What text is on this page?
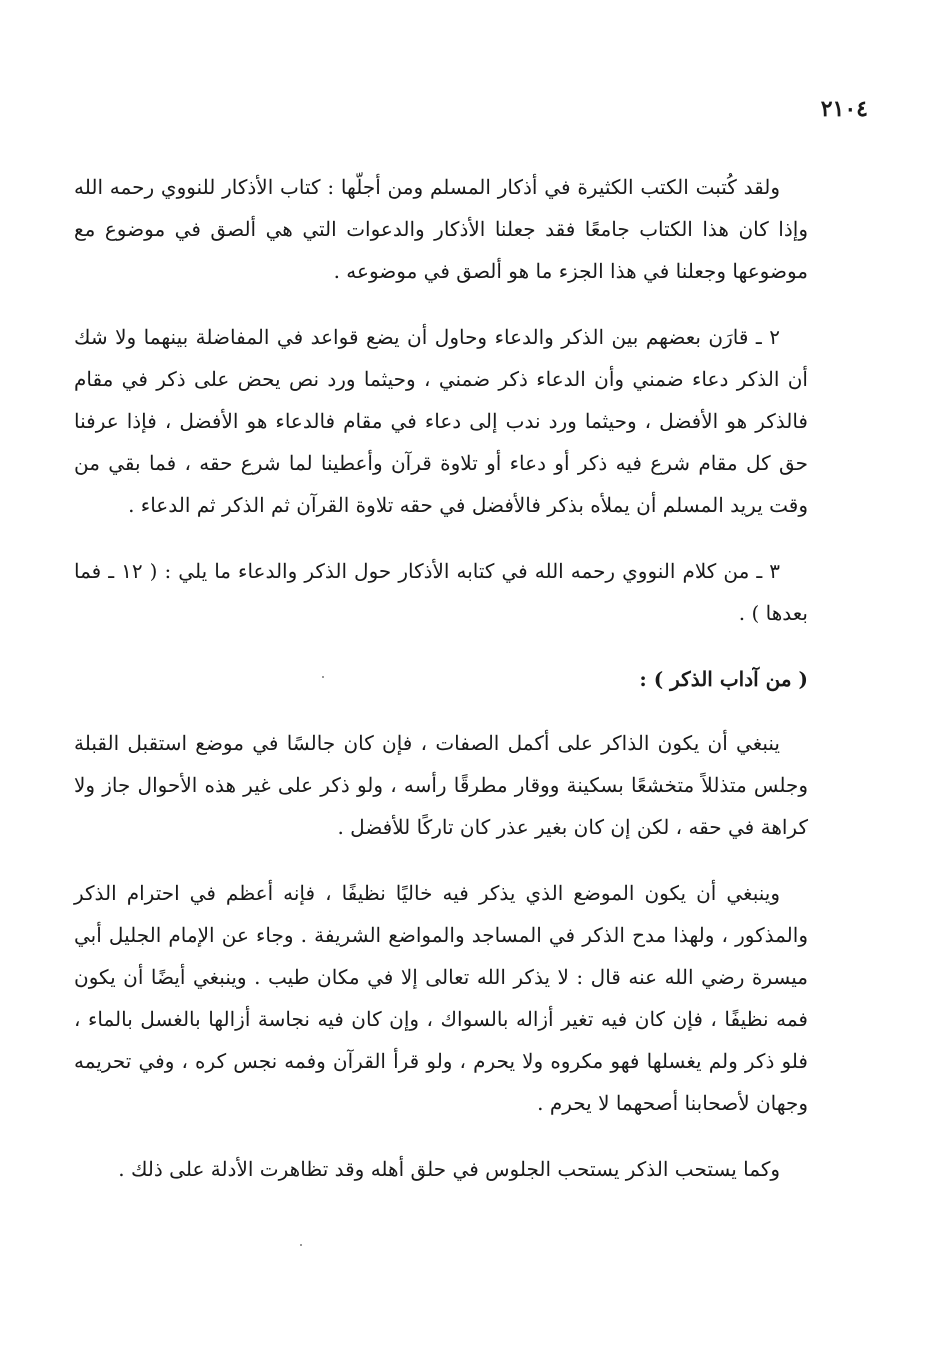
٢١٠٤

ولقد كُتبت الكتب الكثيرة في أذكار المسلم ومن أجلّها : كتاب الأذكار للنووي رحمه الله وإذا كان هذا الكتاب جامعًا فقد جعلنا الأذكار والدعوات التي هي ألصق في موضوع مع موضوعها وجعلنا في هذا الجزء ما هو ألصق في موضوعه .

٢ ـ قارَن بعضهم بين الذكر والدعاء وحاول أن يضع قواعد في المفاضلة بينهما ولا شك أن الذكر دعاء ضمني وأن الدعاء ذكر ضمني ، وحيثما ورد نص يحض على ذكر في مقام فالذكر هو الأفضل ، وحيثما ورد ندب إلى دعاء في مقام فالدعاء هو الأفضل ، فإذا عرفنا حق كل مقام شرع فيه ذكر أو دعاء أو تلاوة قرآن وأعطينا لما شرع حقه ، فما بقي من وقت يريد المسلم أن يملأه بذكر فالأفضل في حقه تلاوة القرآن ثم الذكر ثم الدعاء .

٣ ـ من كلام النووي رحمه الله في كتابه الأذكار حول الذكر والدعاء ما يلي : ( ١٢ ـ فما بعدها ) .

( من آداب الذكر ) :

ينبغي أن يكون الذاكر على أكمل الصفات ، فإن كان جالسًا في موضع استقبل القبلة وجلس متذللاً متخشعًا بسكينة ووقار مطرقًا رأسه ، ولو ذكر على غير هذه الأحوال جاز ولا كراهة في حقه ، لكن إن كان بغير عذر كان تاركًا للأفضل .

وينبغي أن يكون الموضع الذي يذكر فيه خاليًا نظيفًا ، فإنه أعظم في احترام الذكر والمذكور ، ولهذا مدح الذكر في المساجد والمواضع الشريفة . وجاء عن الإمام الجليل أبي ميسرة رضي الله عنه قال : لا يذكر الله تعالى إلا في مكان طيب . وينبغي أيضًا أن يكون فمه نظيفًا ، فإن كان فيه تغير أزاله بالسواك ، وإن كان فيه نجاسة أزالها بالغسل بالماء ، فلو ذكر ولم يغسلها فهو مكروه ولا يحرم ، ولو قرأ القرآن وفمه نجس كره ، وفي تحريمه وجهان لأصحابنا أصحهما لا يحرم .

وكما يستحب الذكر يستحب الجلوس في حلق أهله وقد تظاهرت الأدلة على ذلك .
